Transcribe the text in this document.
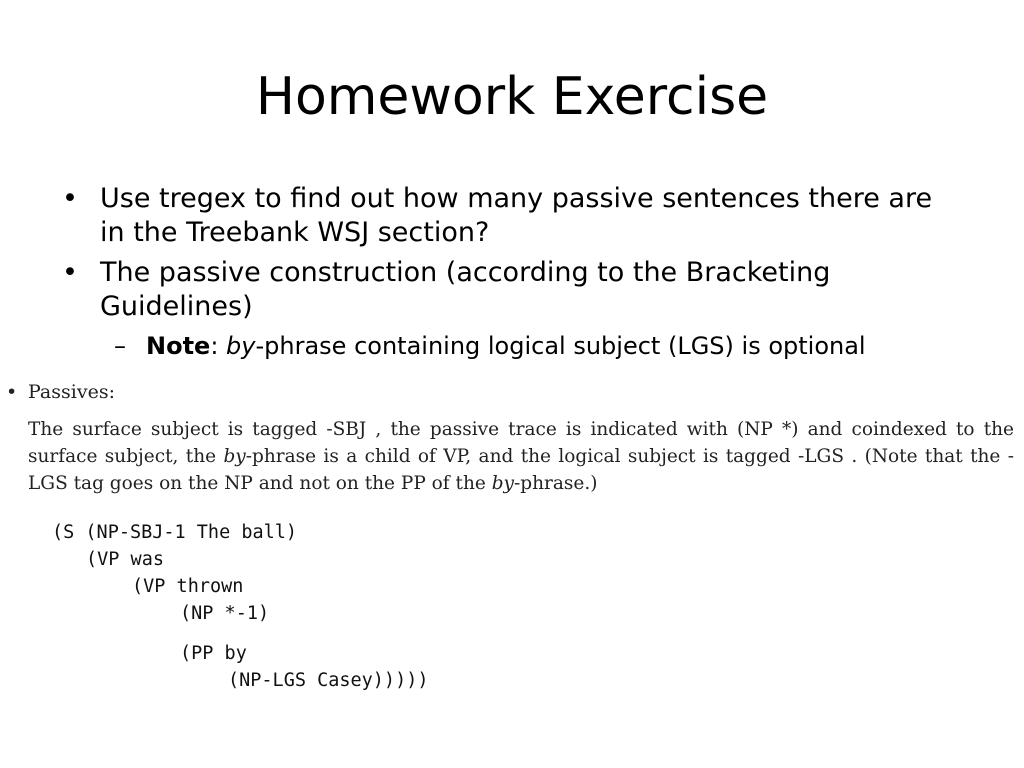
Homework Exercise
• Use tregex to find out how many passive sentences there are in the Treebank WSJ section?
• The passive construction (according to the Bracketing Guidelines)
– Note: by-phrase containing logical subject (LGS) is optional
• Passives:
The surface subject is tagged -SBJ , the passive trace is indicated with (NP *) and coindexed to the surface subject, the by-phrase is a child of VP, and the logical subject is tagged -LGS . (Note that the -LGS tag goes on the NP and not on the PP of the by-phrase.)
(S (NP-SBJ-1 The ball)
(VP was
(VP thrown
(NP *-1)
(PP by
(NP-LGS Casey)))))
